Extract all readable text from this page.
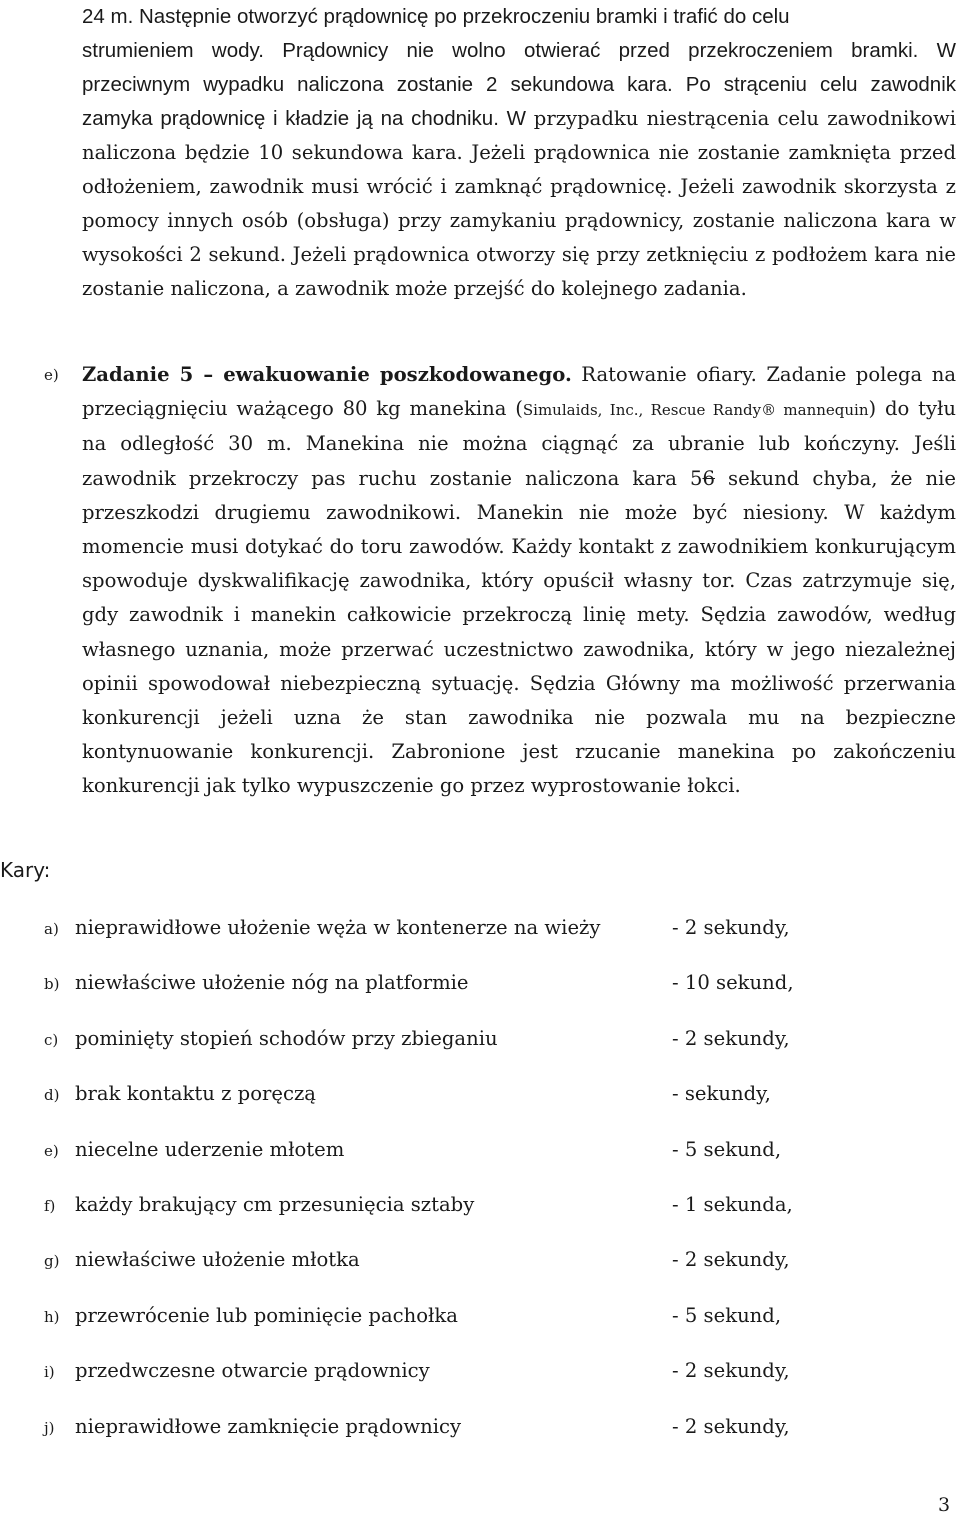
24 m. Następnie otworzyć prądownicę po przekroczeniu bramki i trafić do celu
strumieniem wody. Prądownicy nie wolno otwierać przed przekroczeniem bramki. W przeciwnym wypadku naliczona zostanie 2 sekundowa kara. Po strąceniu celu zawodnik zamyka prądownicę i kładzie ją na chodniku. W przypadku niestrącenia celu zawodnikowi naliczona będzie 10 sekundowa kara. Jeżeli prądownica nie zostanie zamknięta przed odłożeniem, zawodnik musi wrócić i zamknąć prądownicę. Jeżeli zawodnik skorzysta z pomocy innych osób (obsługa) przy zamykaniu prądownicy, zostanie naliczona kara w wysokości 2 sekund. Jeżeli prądownica otworzy się przy zetknięciu z podłożem kara nie zostanie naliczona, a zawodnik może przejść do kolejnego zadania.

e) Zadanie 5 – ewakuowanie poszkodowanego. Ratowanie ofiary. Zadanie polega na przeciągnięciu ważącego 80 kg manekina (Simulaids, Inc., Rescue Randy® mannequin) do tyłu na odległość 30 m. Manekina nie można ciągnąć za ubranie lub kończyny. Jeśli zawodnik przekroczy pas ruchu zostanie naliczona kara 56 sekund chyba, że nie przeszkodzi drugiemu zawodnikowi. Manekin nie może być niesiony. W każdym momencie musi dotykać do toru zawodów. Każdy kontakt z zawodnikiem konkurującym spowoduje dyskwalifikację zawodnika, który opuścił własny tor. Czas zatrzymuje się, gdy zawodnik i manekin całkowicie przekroczą linię mety. Sędzia zawodów, według własnego uznania, może przerwać uczestnictwo zawodnika, który w jego niezależnej opinii spowodował niebezpieczną sytuację. Sędzia Główny ma możliwość przerwania konkurencji jeżeli uzna że stan zawodnika nie pozwala mu na bezpieczne kontynuowanie konkurencji. Zabronione jest rzucanie manekina po zakończeniu konkurencji jak tylko wypuszczenie go przez wyprostowanie łokci.
Kary:
a) nieprawidłowe ułożenie węża w kontenerze na wieży	- 2 sekundy,
b) niewłaściwe ułożenie nóg na platformie	- 10 sekund,
c) pominięty stopień schodów przy zbieganiu	- 2 sekundy,
d) brak kontaktu z poręczą	- sekundy,
e) niecelne uderzenie młotem	- 5 sekund,
f) każdy brakujący cm przesunięcia sztaby	- 1 sekunda,
g) niewłaściwe ułożenie młotka	- 2 sekundy,
h) przewrócenie lub pominięcie pachołka	- 5 sekund,
i) przedwczesne otwarcie prądownicy	- 2 sekundy,
j) nieprawidłowe zamknięcie prądownicy	- 2 sekundy,
3
